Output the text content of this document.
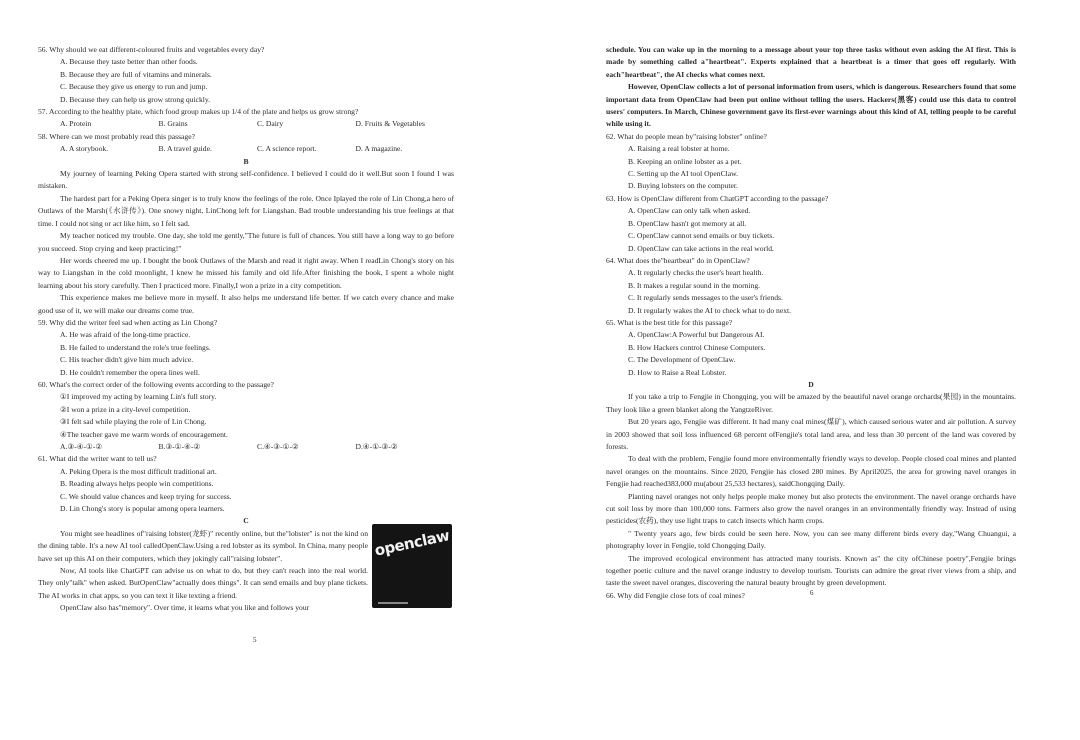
56. Why should we eat different-coloured fruits and vegetables every day?

A. Because they taste better than other foods.

B. Because they are full of vitamins and minerals.

C. Because they give us energy to run and jump.

D. Because they can help us grow strong quickly.

57. According to the healthy plate, which food group makes up 1/4 of the plate and helps us grow strong?

A. Protein	B. Grains	C. Dairy	D. Fruits & Vegetables

58. Where can we most probably read this passage?

A. A storybook.	B. A travel guide.	C. A science report.	D. A magazine.

B

My journey of learning Peking Opera started with strong self-confidence. I believed I could do it well.But soon I found I was mistaken.

The hardest part for a Peking Opera singer is to truly know the feelings of the role. Once Iplayed the role of Lin Chong,a hero of Outlaws of the Marsh(《水浒传》). One snowy night, LinChong left for Liangshan. Bad trouble understanding his true feelings at that time. I could not sing or act like him, so I felt sad.

My teacher noticed my trouble. One day, she told me gently,"The future is full of chances. You still have a long way to go before you succeed. Stop crying and keep practicing!"

Her words cheered me up. I bought the book Outlaws of the Marsh and read it right away. When I readLin Chong's story on his way to Liangshan in the cold moonlight, I knew he missed his family and old life.After finishing the book, I spent a whole night learning about his story carefully. Then I practiced more. Finally,I won a prize in a city competition.

This experience makes me believe more in myself. It also helps me understand life better. If we catch every chance and make good use of it, we will make our dreams come true.

59. Why did the writer feel sad when acting as Lin Chong?

A. He was afraid of the long-time practice.

B. He failed to understand the role's true feelings.

C. His teacher didn't give him much advice.

D. He couldn't remember the opera lines well.

60. What's the correct order of the following events according to the passage?

①I improved my acting by learning Lin's full story.

②I won a prize in a city-level competition.

③I felt sad while playing the role of Lin Chong.

④The teacher gave me warm words of encouragement.

A.③-④-①-②	B.③-①-④-②	C.④-③-①-②	D.④-①-③-②

61. What did the writer want to tell us?

A. Peking Opera is the most difficult traditional art.

B. Reading always helps people win competitions.

C. We should value chances and keep trying for success.

D. Lin Chong's story is popular among opera learners.

C

You might see headlines of"raising lobster(龙虾)" recently online, but the"lobster" is not the kind on the dining table. It's a new AI tool calledOpenClaw.Using a red lobster as its symbol. In China, many people have set up this AI on their computers, which they jokingly call"raising lobster".

Now, AI tools like ChatGPT can advise us on what to do, but they can't reach into the real world. They only"talk" when asked. ButOpenClaw"actually does things". It can send emails and buy plane tickets. The AI works in chat apps, so you can text it like texting a friend.

OpenClaw also has"memory". Over time, it learns what you like and follows your

openclaw
5

schedule. You can wake up in the morning to a message about your top three tasks without even asking the AI first. This is made by something called a"heartbeat". Experts explained that a heartbeat is a timer that goes off regularly. With each"heartbeat", the AI checks what comes next.

However, OpenClaw collects a lot of personal information from users, which is dangerous. Researchers found that some important data from OpenClaw had been put online without telling the users. Hackers(黑客) could use this data to control users' computers. In March, Chinese government gave its first-ever warnings about this kind of AI, telling people to be careful while using it.

62. What do people mean by"raising lobster" online?

A. Raising a real lobster at home.

B. Keeping an online lobster as a pet.

C. Setting up the AI tool OpenClaw.

D. Buying lobsters on the computer.

63. How is OpenClaw different from ChatGPT according to the passage?

A. OpenClaw can only talk when asked.

B. OpenClaw hasn't got memory at all.

C. OpenClaw cannot send emails or buy tickets.

D. OpenClaw can take actions in the real world.

64. What does the"heartbeat" do in OpenClaw?

A. It regularly checks the user's heart health.

B. It makes a regular sound in the morning.

C. It regularly sends messages to the user's friends.

D. It regularly wakes the AI to check what to do next.

65. What is the best title for this passage?

A. OpenClaw:A Powerful but Dangerous AI.

B. How Hackers control Chinese Computers.

C. The Development of OpenClaw.

D. How to Raise a Real Lobster.

D

If you take a trip to Fengjie in Chongqing, you will be amazed by the beautiful navel orange orchards(果园) in the mountains. They look like a green blanket along the YangtzeRiver.

But 20 years ago, Fengjie was different. It had many coal mines(煤矿), which caused serious water and air pollution. A survey in 2003 showed that soil loss influenced 68 percent ofFengjie's total land area, and less than 30 percent of the land was covered by forests.

To deal with the problem, Fengjie found more environmentally friendly ways to develop. People closed coal mines and planted navel oranges on the mountains. Since 2020, Fengjie has closed 280 mines. By April2025, the area for growing navel oranges in Fengjie had reached383,000 mu(about 25,533 hectares), saidChongqing Daily.

Planting navel oranges not only helps people make money but also protects the environment. The navel orange orchards have cut soil loss by more than 100,000 tons. Farmers also grow the navel oranges in an environmentally friendly way. Instead of using pesticides(农药), they use light traps to catch insects which harm crops.

" Twenty years ago, few birds could be seen here. Now, you can see many different birds every day,"Wang Chuangui, a photography lover in Fengjie, told Chongqing Daily.

The improved ecological environment has attracted many tourists. Known as" the city ofChinese poetry",Fengjie brings together poetic culture and the navel orange industry to develop tourism. Tourists can admire the great river views from a ship, and taste the sweet navel oranges, discovering the natural beauty brought by green development.

66. Why did Fengjie close lots of coal mines?	6
